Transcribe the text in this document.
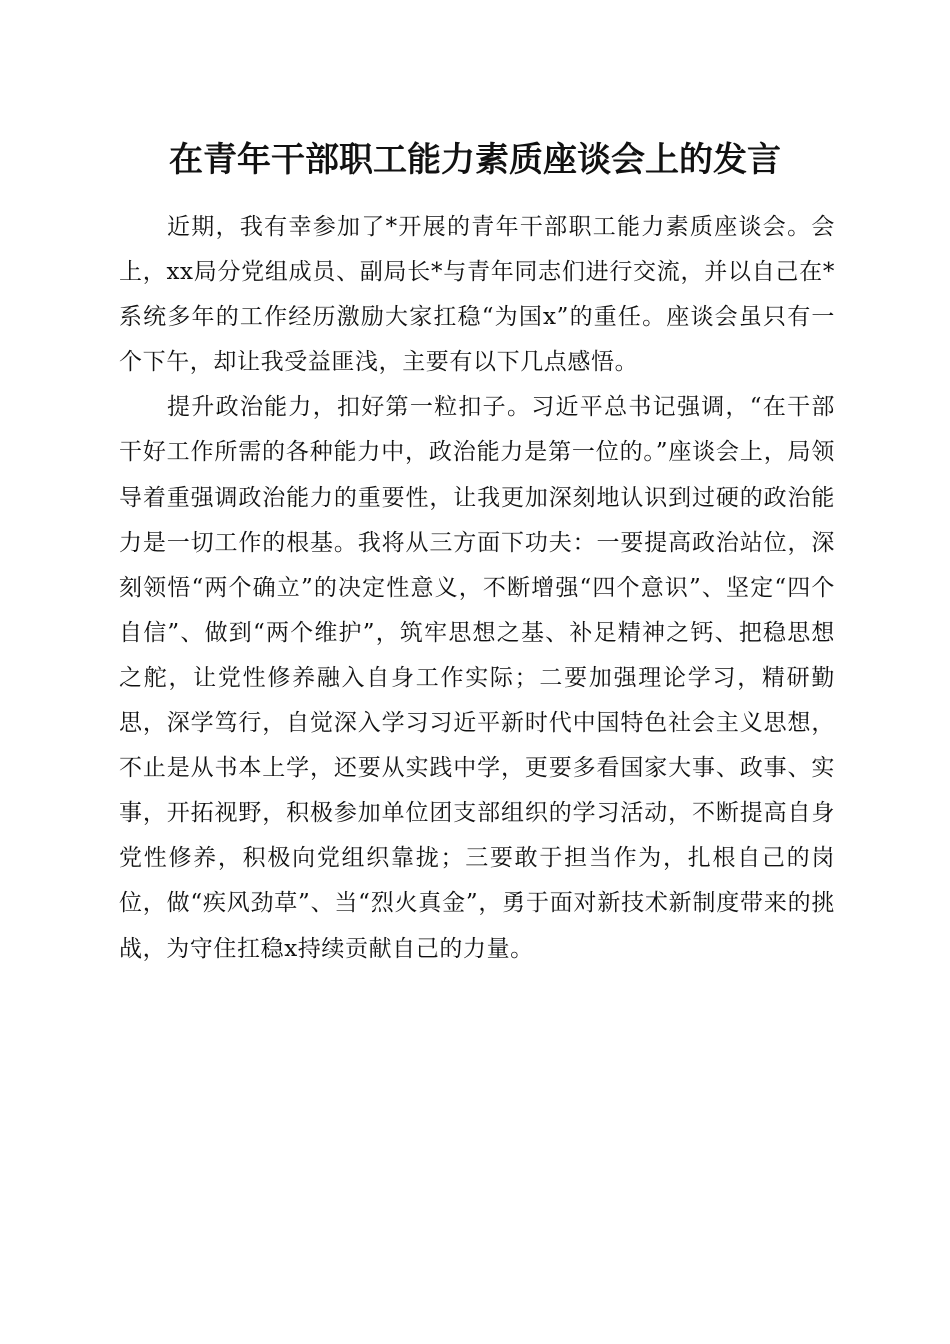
在青年干部职工能力素质座谈会上的发言

近期，我有幸参加了*开展的青年干部职工能力素质座谈会。会上，xx局分党组成员、副局长*与青年同志们进行交流，并以自己在*系统多年的工作经历激励大家扛稳“为国x”的重任。座谈会虽只有一个下午，却让我受益匪浅，主要有以下几点感悟。

提升政治能力，扣好第一粒扣子。习近平总书记强调，“在干部干好工作所需的各种能力中，政治能力是第一位的。”座谈会上，局领导着重强调政治能力的重要性，让我更加深刻地认识到过硬的政治能力是一切工作的根基。我将从三方面下功夫：一要提高政治站位，深刻领悟“两个确立”的决定性意义，不断增强“四个意识”、坚定“四个自信”、做到“两个维护”，筑牢思想之基、补足精神之钙、把稳思想之舵，让党性修养融入自身工作实际；二要加强理论学习，精研勤思，深学笃行，自觉深入学习习近平新时代中国特色社会主义思想，不止是从书本上学，还要从实践中学，更要多看国家大事、政事、实事，开拓视野，积极参加单位团支部组织的学习活动，不断提高自身党性修养，积极向党组织靠拢；三要敢于担当作为，扎根自己的岗位，做“疾风劲草”、当“烈火真金”，勇于面对新技术新制度带来的挑战，为守住扛稳x持续贡献自己的力量。
